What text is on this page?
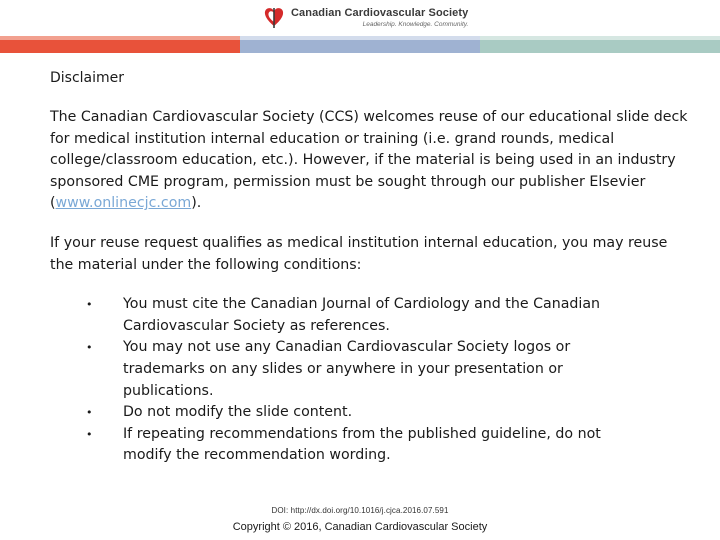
Canadian Cardiovascular Society
Leadership. Knowledge. Community.
Disclaimer

The Canadian Cardiovascular Society (CCS) welcomes reuse of our educational slide deck for medical institution internal education or training (i.e. grand rounds, medical college/classroom education, etc.). However, if the material is being used in an industry sponsored CME program, permission must be sought through our publisher Elsevier (www.onlinecjc.com).

If your reuse request qualifies as medical institution internal education, you may reuse the material under the following conditions:

• You must cite the Canadian Journal of Cardiology and the Canadian Cardiovascular Society as references.
• You may not use any Canadian Cardiovascular Society logos or trademarks on any slides or anywhere in your presentation or publications.
• Do not modify the slide content.
• If repeating recommendations from the published guideline, do not modify the recommendation wording.
DOI: http://dx.doi.org/10.1016/j.cjca.2016.07.591
Copyright © 2016, Canadian Cardiovascular Society
